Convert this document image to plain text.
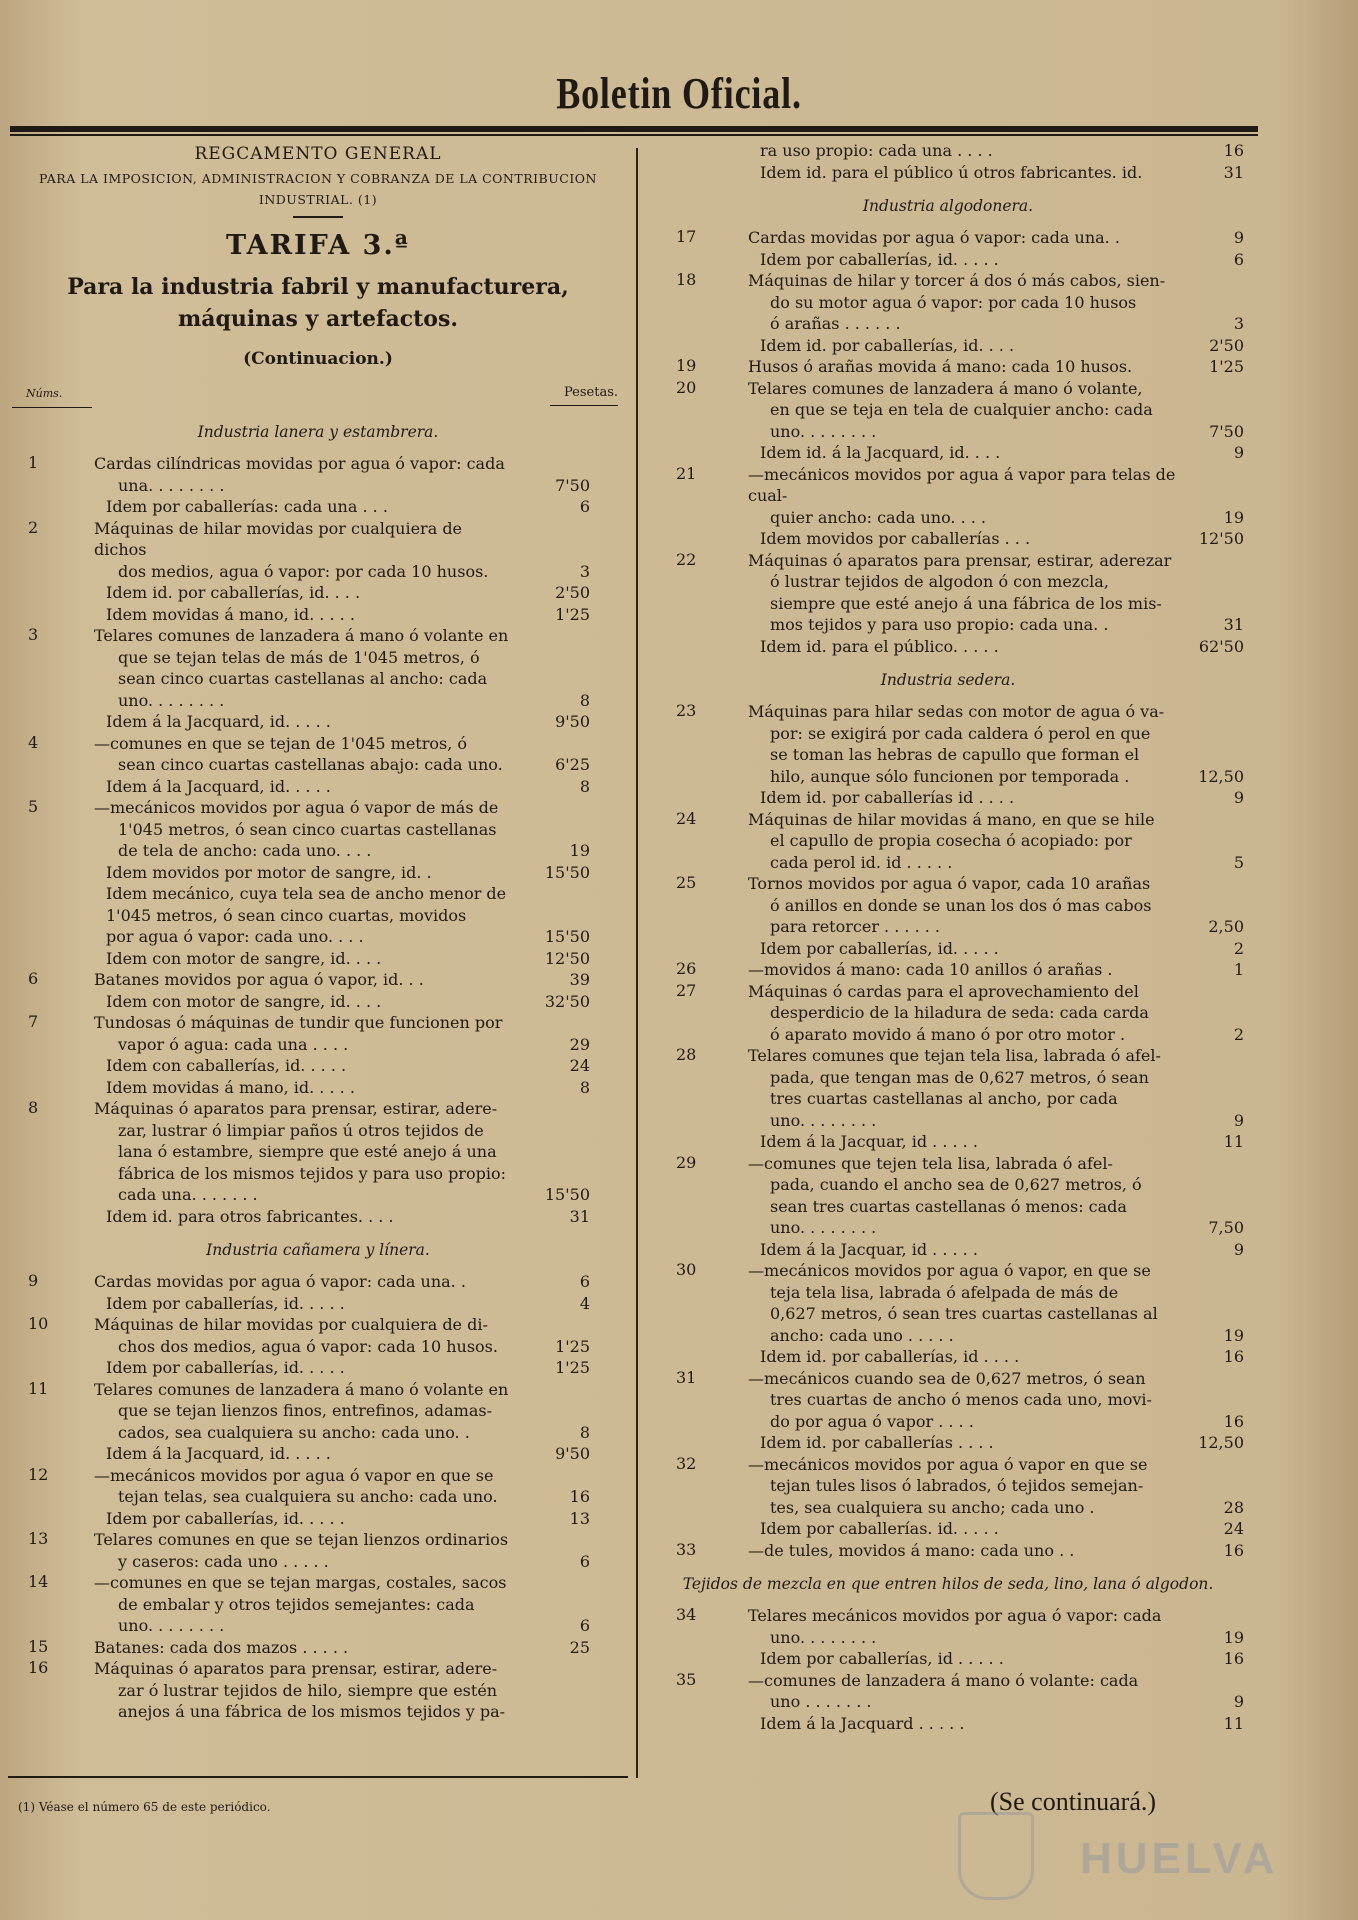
Boletin Oficial.
REGCAMENTO GENERAL
PARA LA IMPOSICION, ADMINISTRACION Y COBRANZA DE LA CONTRIBUCION INDUSTRIAL. (1)
TARIFA 3.ª
Para la industria fabril y manufacturera, máquinas y artefactos.
(Continuacion.)
Núms.	Pesetas.
Industria lanera y estambrera.
1	Cardas cilíndricas movidas por agua ó vapor: cada
una. . . . . . . .	7'50
Idem por caballerías: cada una . . .	6
2	Máquinas de hilar movidas por cualquiera de dichos
dos medios, agua ó vapor: por cada 10 husos.	3
Idem id. por caballerías, id. . . .	2'50
Idem movidas á mano, id. . . . .	1'25
3	Telares comunes de lanzadera á mano ó volante en
que se tejan telas de más de 1'045 metros, ó
sean cinco cuartas castellanas al ancho: cada
uno. . . . . . . .	8
Idem á la Jacquard, id. . . . .	9'50
4	—comunes en que se tejan de 1'045 metros, ó
sean cinco cuartas castellanas abajo: cada uno.	6'25
Idem á la Jacquard, id. . . . .	8
5	—mecánicos movidos por agua ó vapor de más de
1'045 metros, ó sean cinco cuartas castellanas
de tela de ancho: cada uno. . . .	19
Idem movidos por motor de sangre, id. .	15'50
Idem mecánico, cuya tela sea de ancho menor de
1'045 metros, ó sean cinco cuartas, movidos
por agua ó vapor: cada uno. . . .	15'50
Idem con motor de sangre, id. . . .	12'50
6	Batanes movidos por agua ó vapor, id. . .	39
Idem con motor de sangre, id. . . .	32'50
7	Tundosas ó máquinas de tundir que funcionen por
vapor ó agua: cada una . . . .	29
Idem con caballerías, id. . . . .	24
Idem movidas á mano, id. . . . .	8
8	Máquinas ó aparatos para prensar, estirar, adere-
zar, lustrar ó limpiar paños ú otros tejidos de
lana ó estambre, siempre que esté anejo á una
fábrica de los mismos tejidos y para uso propio:
cada una. . . . . . .	15'50
Idem id. para otros fabricantes. . . .	31
Industria cañamera y línera.
9	Cardas movidas por agua ó vapor: cada una. .	6
Idem por caballerías, id. . . . .	4
10	Máquinas de hilar movidas por cualquiera de di-
chos dos medios, agua ó vapor: cada 10 husos.	1'25
Idem por caballerías, id. . . . .	1'25
11	Telares comunes de lanzadera á mano ó volante en
que se tejan lienzos finos, entrefinos, adamas-
cados, sea cualquiera su ancho: cada uno. .	8
Idem á la Jacquard, id. . . . .	9'50
12	—mecánicos movidos por agua ó vapor en que se
tejan telas, sea cualquiera su ancho: cada uno.	16
Idem por caballerías, id. . . . .	13
13	Telares comunes en que se tejan lienzos ordinarios
y caseros: cada uno . . . . .	6
14	—comunes en que se tejan margas, costales, sacos
de embalar y otros tejidos semejantes: cada
uno. . . . . . . .	6
15	Batanes: cada dos mazos . . . . .	25
16	Máquinas ó aparatos para prensar, estirar, adere-
zar ó lustrar tejidos de hilo, siempre que estén
anejos á una fábrica de los mismos tejidos y pa-
ra uso propio: cada una . . . .	16
Idem id. para el público ú otros fabricantes. id.	31
Industria algodonera.
17	Cardas movidas por agua ó vapor: cada una. .	9
Idem por caballerías, id. . . . .	6
18	Máquinas de hilar y torcer á dos ó más cabos, sien-
do su motor agua ó vapor: por cada 10 husos
ó arañas . . . . . .	3
Idem id. por caballerías, id. . . .	2'50
19	Husos ó arañas movida á mano: cada 10 husos.	1'25
20	Telares comunes de lanzadera á mano ó volante,
en que se teja en tela de cualquier ancho: cada
uno. . . . . . . .	7'50
Idem id. á la Jacquard, id. . . .	9
21	—mecánicos movidos por agua á vapor para telas de cual-
quier ancho: cada uno. . . .	19
Idem movidos por caballerías . . .	12'50
22	Máquinas ó aparatos para prensar, estirar, aderezar
ó lustrar tejidos de algodon ó con mezcla,
siempre que esté anejo á una fábrica de los mis-
mos tejidos y para uso propio: cada una. .	31
Idem id. para el público. . . . .	62'50
Industria sedera.
23	Máquinas para hilar sedas con motor de agua ó va-
por: se exigirá por cada caldera ó perol en que
se toman las hebras de capullo que forman el
hilo, aunque sólo funcionen por temporada .	12,50
Idem id. por caballerías id . . . .	9
24	Máquinas de hilar movidas á mano, en que se hile
el capullo de propia cosecha ó acopiado: por
cada perol id. id . . . . .	5
25	Tornos movidos por agua ó vapor, cada 10 arañas
ó anillos en donde se unan los dos ó mas cabos
para retorcer . . . . . .	2,50
Idem por caballerías, id. . . . .	2
26	—movidos á mano: cada 10 anillos ó arañas .	1
27	Máquinas ó cardas para el aprovechamiento del
desperdicio de la hiladura de seda: cada carda
ó aparato movido á mano ó por otro motor .	2
28	Telares comunes que tejan tela lisa, labrada ó afel-
pada, que tengan mas de 0,627 metros, ó sean
tres cuartas castellanas al ancho, por cada
uno. . . . . . . .	9
Idem á la Jacquar, id . . . . .	11
29	—comunes que tejen tela lisa, labrada ó afel-
pada, cuando el ancho sea de 0,627 metros, ó
sean tres cuartas castellanas ó menos: cada
uno. . . . . . . .	7,50
Idem á la Jacquar, id . . . . .	9
30	—mecánicos movidos por agua ó vapor, en que se
teja tela lisa, labrada ó afelpada de más de
0,627 metros, ó sean tres cuartas castellanas al
ancho: cada uno . . . . .	19
Idem id. por caballerías, id . . . .	16
31	—mecánicos cuando sea de 0,627 metros, ó sean
tres cuartas de ancho ó menos cada uno, movi-
do por agua ó vapor . . . .	16
Idem id. por caballerías . . . .	12,50
32	—mecánicos movidos por agua ó vapor en que se
tejan tules lisos ó labrados, ó tejidos semejan-
tes, sea cualquiera su ancho; cada uno .	28
Idem por caballerías. id. . . . .	24
33	—de tules, movidos á mano: cada uno . .	16
Tejidos de mezcla en que entren hilos de seda, lino, lana ó algodon.
34	Telares mecánicos movidos por agua ó vapor: cada
uno. . . . . . . .	19
Idem por caballerías, id . . . . .	16
35	—comunes de lanzadera á mano ó volante: cada
uno . . . . . . .	9
Idem á la Jacquard . . . . .	11
(1) Véase el número 65 de este periódico.	(Se continuará.)
HUELVA
